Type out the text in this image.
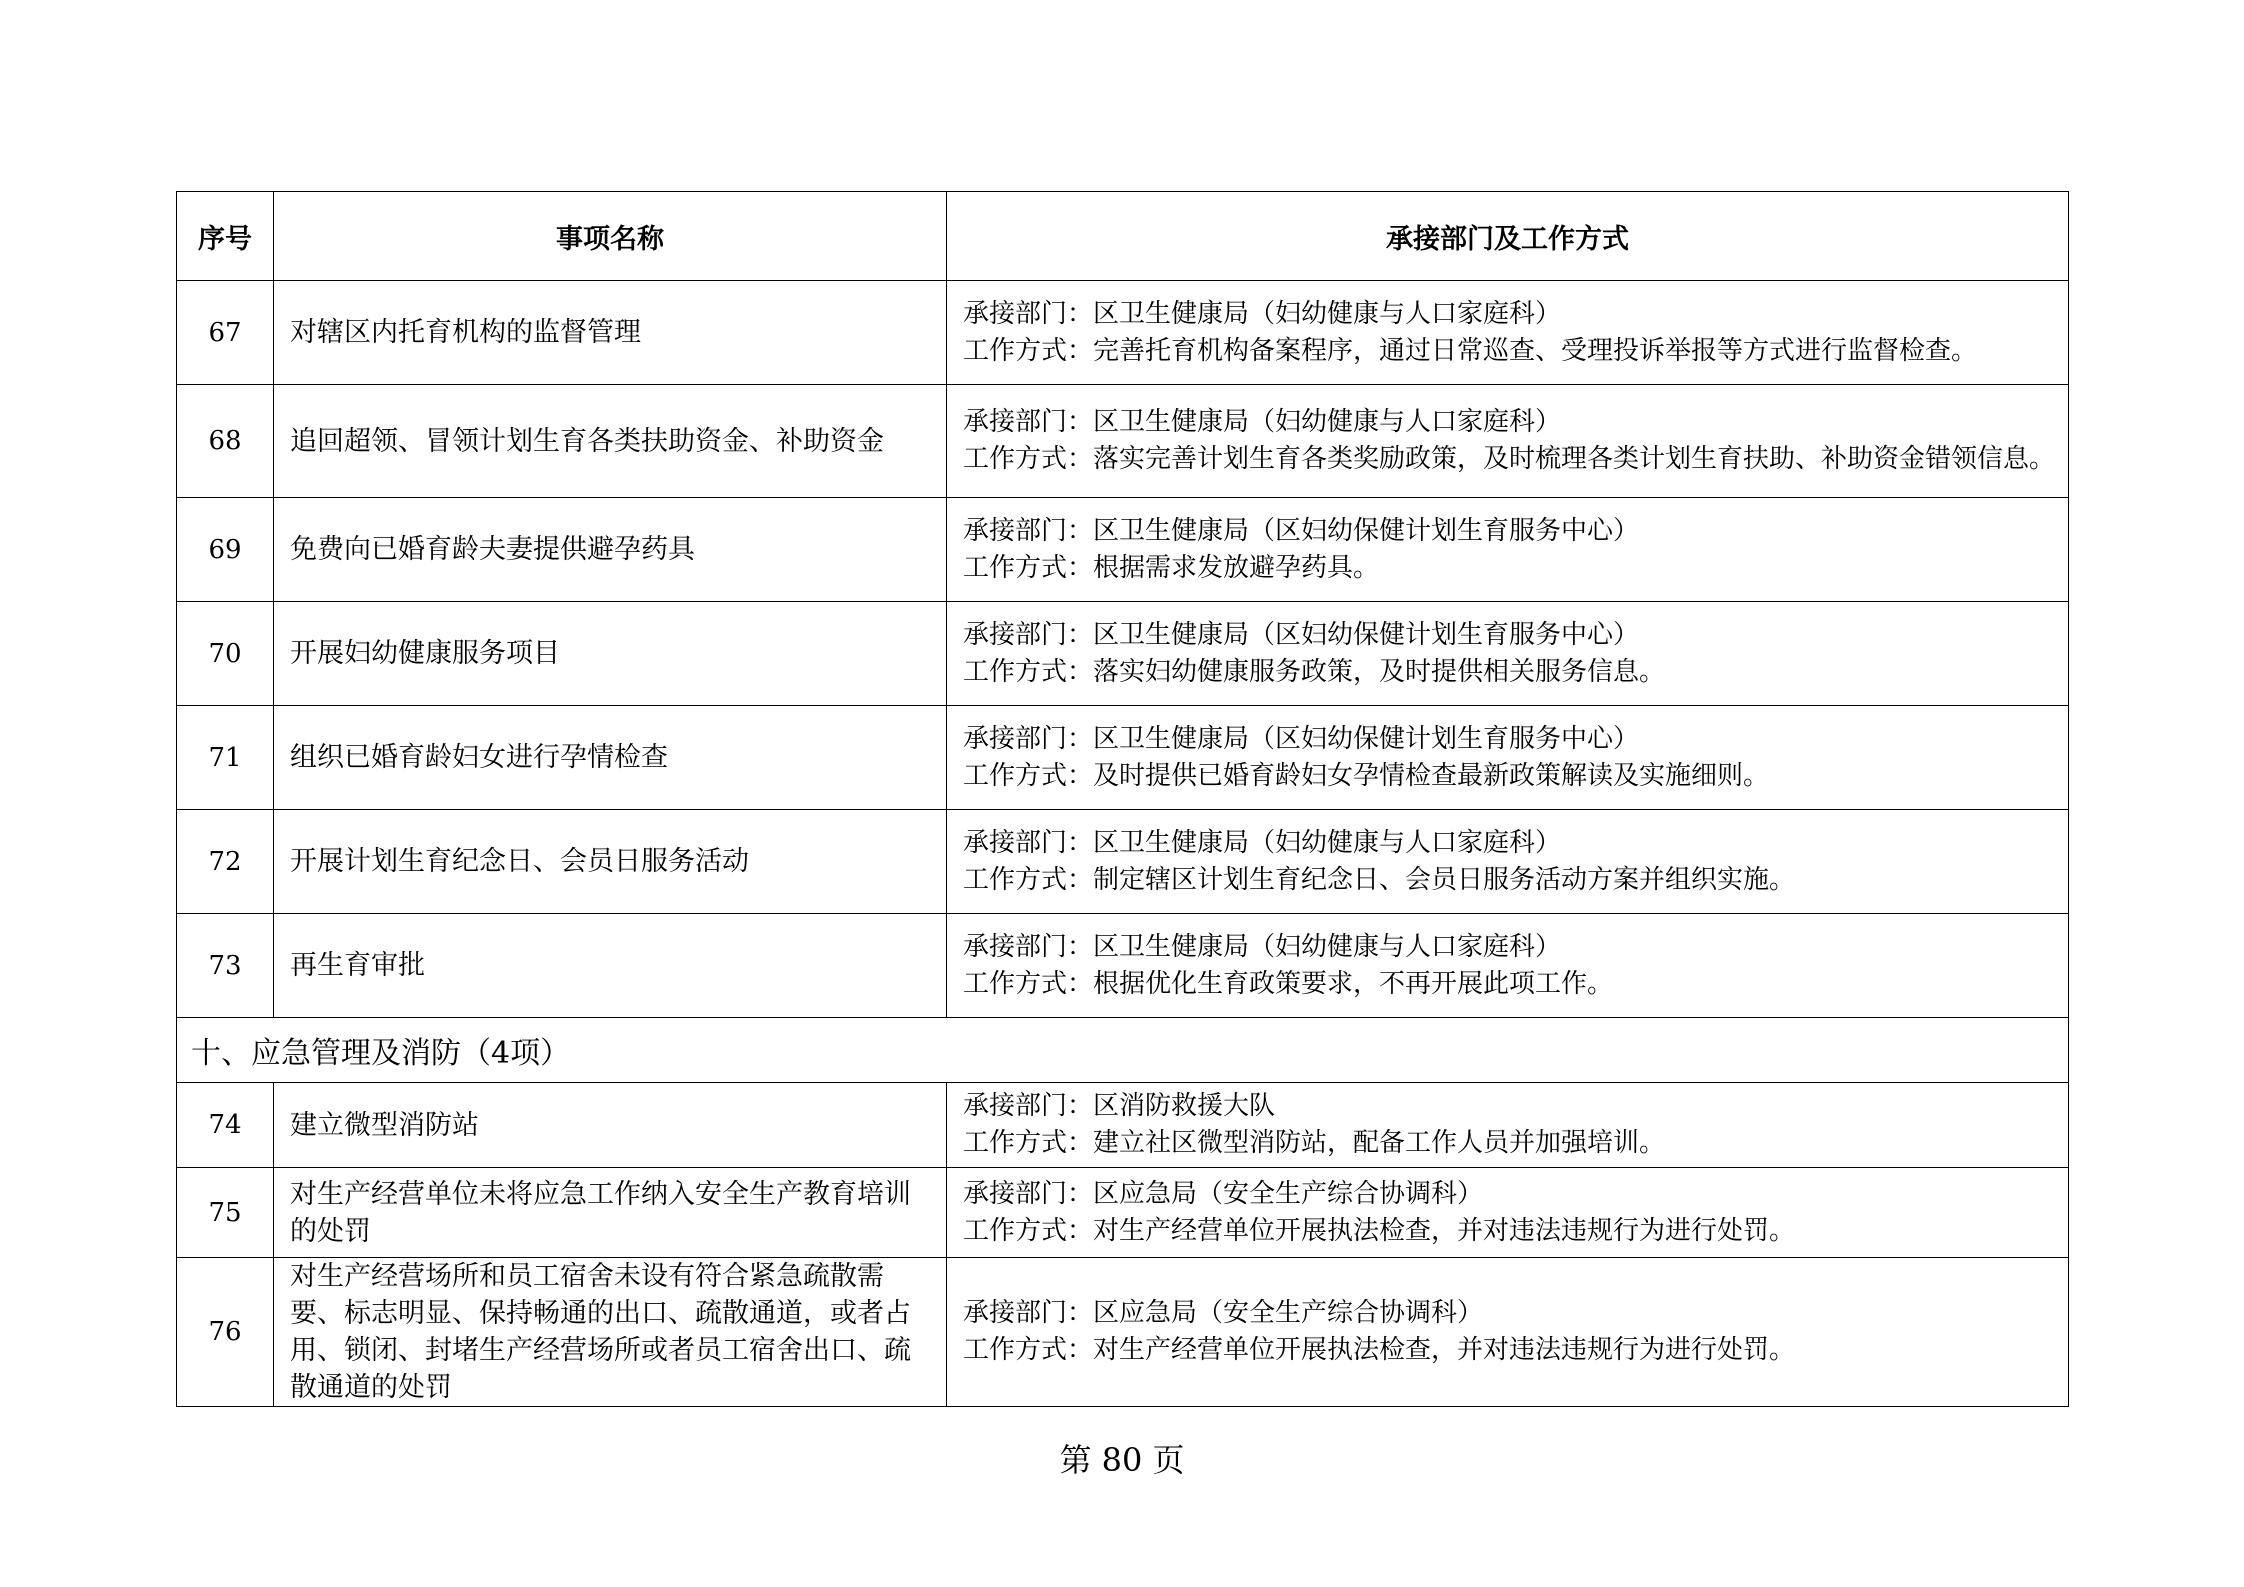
序号	事项名称	承接部门及工作方式
67	对辖区内托育机构的监督管理	承接部门：区卫生健康局（妇幼健康与人口家庭科）
工作方式：完善托育机构备案程序，通过日常巡查、受理投诉举报等方式进行监督检查。

68	追回超领、冒领计划生育各类扶助资金、补助资金	承接部门：区卫生健康局（妇幼健康与人口家庭科）
工作方式：落实完善计划生育各类奖励政策，及时梳理各类计划生育扶助、补助资金错领信息。

69	免费向已婚育龄夫妻提供避孕药具	承接部门：区卫生健康局（区妇幼保健计划生育服务中心）
工作方式：根据需求发放避孕药具。

70	开展妇幼健康服务项目	承接部门：区卫生健康局（区妇幼保健计划生育服务中心）
工作方式：落实妇幼健康服务政策，及时提供相关服务信息。

71	组织已婚育龄妇女进行孕情检查	承接部门：区卫生健康局（区妇幼保健计划生育服务中心）
工作方式：及时提供已婚育龄妇女孕情检查最新政策解读及实施细则。

72	开展计划生育纪念日、会员日服务活动	承接部门：区卫生健康局（妇幼健康与人口家庭科）
工作方式：制定辖区计划生育纪念日、会员日服务活动方案并组织实施。

73	再生育审批	承接部门：区卫生健康局（妇幼健康与人口家庭科）
工作方式：根据优化生育政策要求，不再开展此项工作。

十、应急管理及消防（4项）		
74	建立微型消防站	承接部门：区消防救援大队
工作方式：建立社区微型消防站，配备工作人员并加强培训。

75	对生产经营单位未将应急工作纳入安全生产教育培训的处罚	承接部门：区应急局（安全生产综合协调科）
工作方式：对生产经营单位开展执法检查，并对违法违规行为进行处罚。

76	对生产经营场所和员工宿舍未设有符合紧急疏散需要、标志明显、保持畅通的出口、疏散通道，或者占用、锁闭、封堵生产经营场所或者员工宿舍出口、疏散通道的处罚	承接部门：区应急局（安全生产综合协调科）
工作方式：对生产经营单位开展执法检查，并对违法违规行为进行处罚。
第 80 页
